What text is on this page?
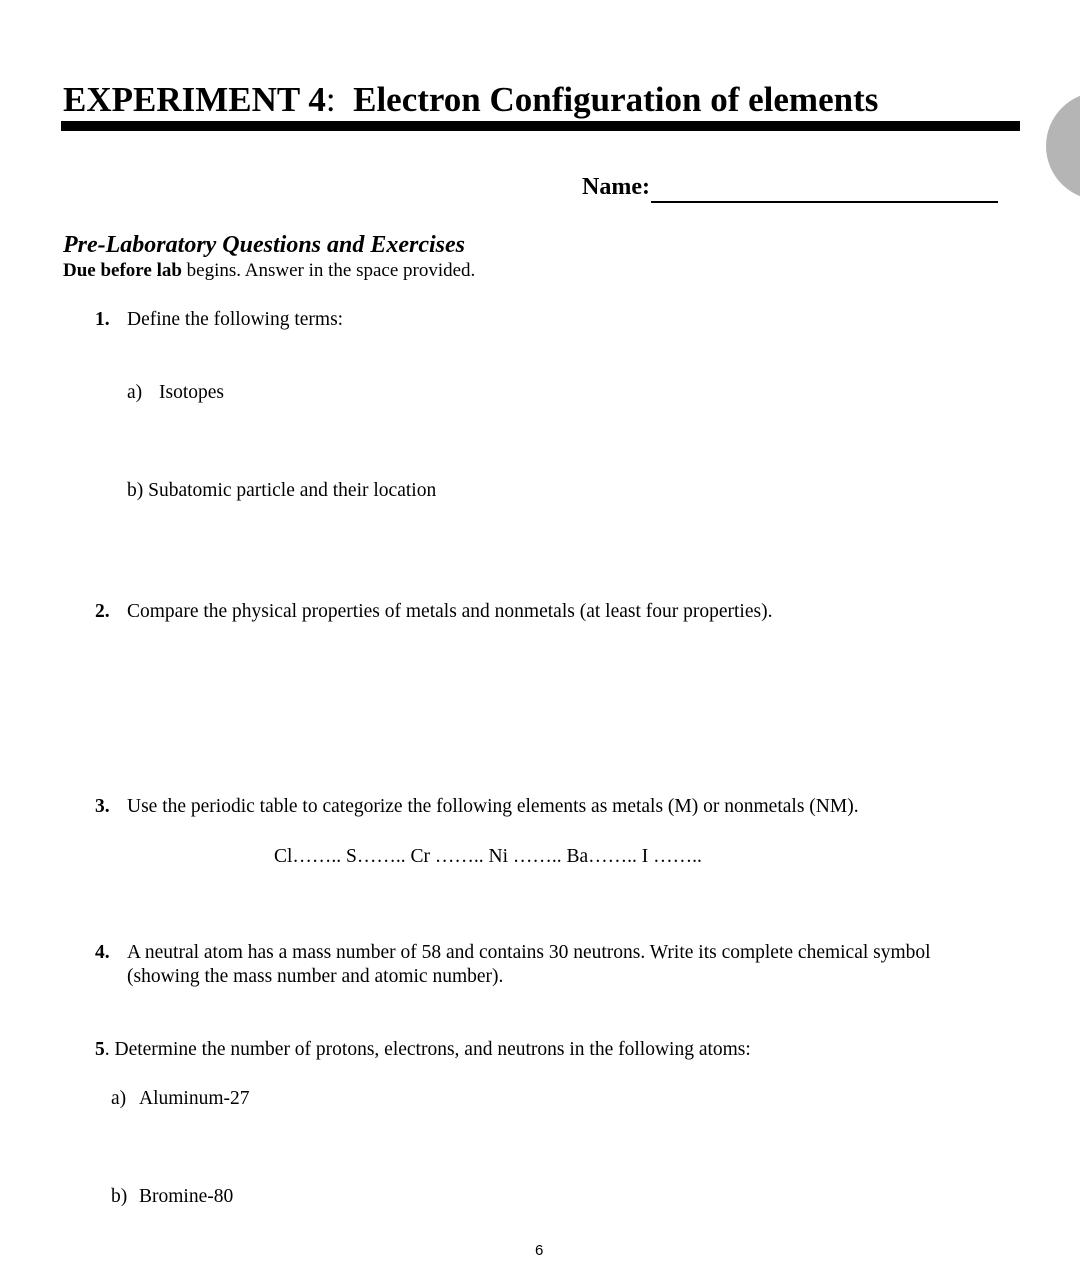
EXPERIMENT 4: Electron Configuration of elements
Name:
Pre-Laboratory Questions and Exercises
Due before lab begins. Answer in the space provided.
1. Define the following terms:
a) Isotopes
b) Subatomic particle and their location
2. Compare the physical properties of metals and nonmetals (at least four properties).
3. Use the periodic table to categorize the following elements as metals (M) or nonmetals (NM).
Cl…….. S…….. Cr …….. Ni …….. Ba…….. I ……..
4. A neutral atom has a mass number of 58 and contains 30 neutrons. Write its complete chemical symbol
(showing the mass number and atomic number).
5. Determine the number of protons, electrons, and neutrons in the following atoms:
a) Aluminum-27
b) Bromine-80
6
